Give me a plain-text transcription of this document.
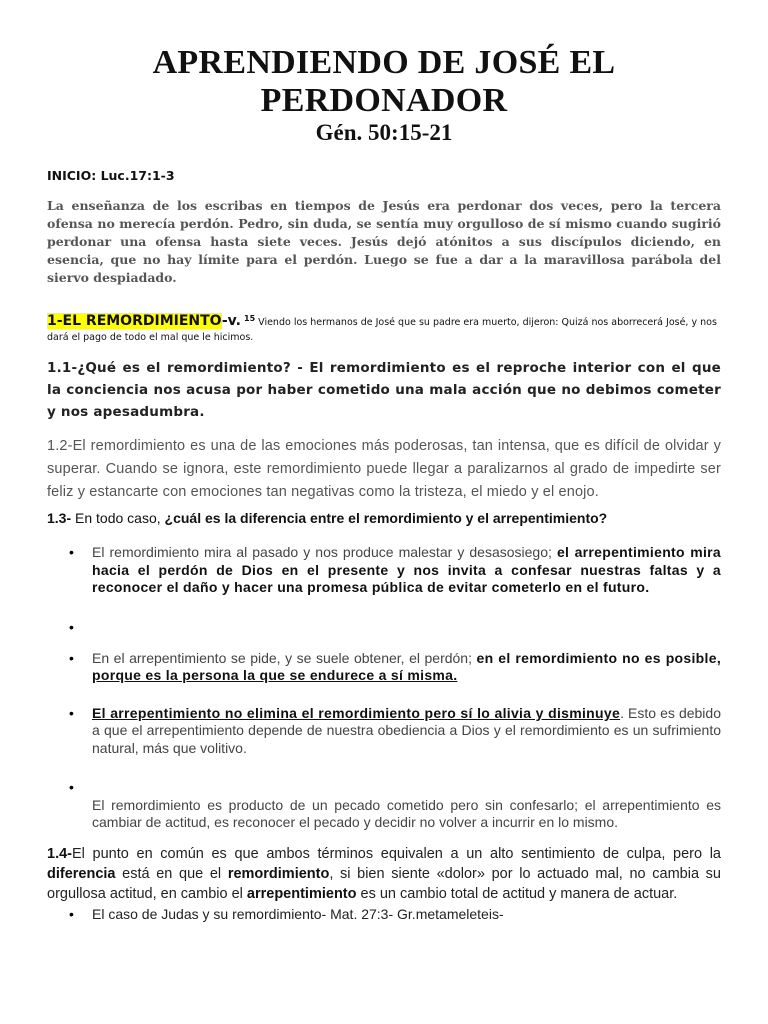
APRENDIENDO DE JOSÉ EL
PERDONADOR
Gén. 50:15-21
INICIO: Luc.17:1-3

La enseñanza de los escribas en tiempos de Jesús era perdonar dos veces, pero la tercera ofensa no merecía perdón. Pedro, sin duda, se sentía muy orgulloso de sí mismo cuando sugirió perdonar una ofensa hasta siete veces. Jesús dejó atónitos a sus discípulos diciendo, en esencia, que no hay límite para el perdón. Luego se fue a dar a la maravillosa parábola del siervo despiadado.

1-EL REMORDIMIENTO-v. $^{15}$ Viendo los hermanos de José que su padre era muerto, dijeron: Quizá nos aborrecerá José, y nos dará el pago de todo el mal que le hicimos.

1.1-¿Qué es el remordimiento? - El remordimiento es el reproche interior con el que la conciencia nos acusa por haber cometido una mala acción que no debimos cometer y nos apesadumbra.

1.2-El remordimiento es una de las emociones más poderosas, tan intensa, que es difícil de olvidar y superar. Cuando se ignora, este remordimiento puede llegar a paralizarnos al grado de impedirte ser feliz y estancarte con emociones tan negativas como la tristeza, el miedo y el enojo.

1.3- En todo caso, ¿cuál es la diferencia entre el remordimiento y el arrepentimiento?

• El remordimiento mira al pasado y nos produce malestar y desasosiego; el arrepentimiento mira hacia el perdón de Dios en el presente y nos invita a confesar nuestras faltas y a reconocer el daño y hacer una promesa pública de evitar cometerlo en el futuro.
•
• En el arrepentimiento se pide, y se suele obtener, el perdón; en el remordimiento no es posible, porque es la persona la que se endurece a sí misma.
• El arrepentimiento no elimina el remordimiento pero sí lo alivia y disminuye. Esto es debido a que el arrepentimiento depende de nuestra obediencia a Dios y el remordimiento es un sufrimiento natural, más que volitivo.
•

El remordimiento es producto de un pecado cometido pero sin confesarlo; el arrepentimiento es cambiar de actitud, es reconocer el pecado y decidir no volver a incurrir en lo mismo.

1.4-El punto en común es que ambos términos equivalen a un alto sentimiento de culpa, pero la diferencia está en que el remordimiento, si bien siente «dolor» por lo actuado mal, no cambia su orgullosa actitud, en cambio el arrepentimiento es un cambio total de actitud y manera de actuar.

• El caso de Judas y su remordimiento- Mat. 27:3- Gr.metameleteis-
